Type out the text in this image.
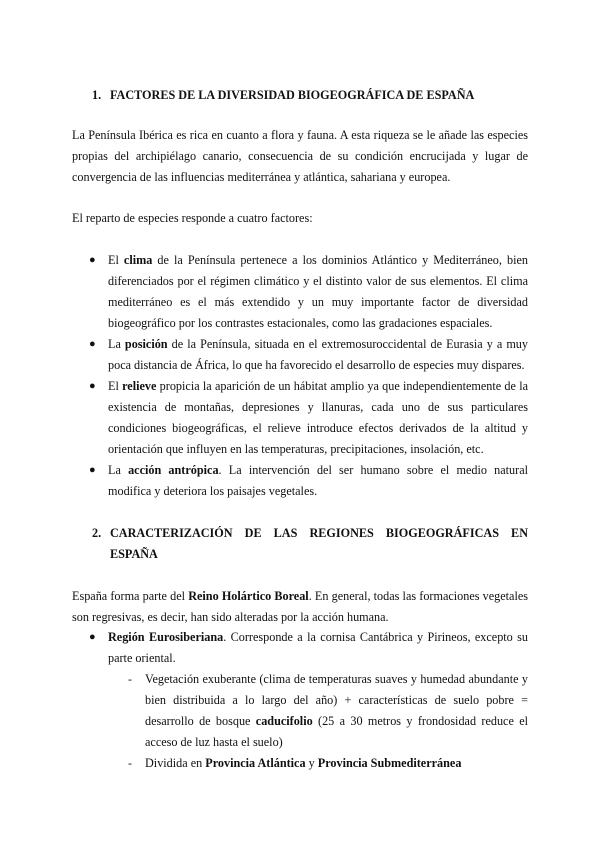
1. FACTORES DE LA DIVERSIDAD BIOGEOGRÁFICA DE ESPAÑA

La Península Ibérica es rica en cuanto a flora y fauna. A esta riqueza se le añade las especies propias del archipiélago canario, consecuencia de su condición encrucijada y lugar de convergencia de las influencias mediterránea y atlántica, sahariana y europea.

El reparto de especies responde a cuatro factores:

● El clima de la Península pertenece a los dominios Atlántico y Mediterráneo, bien diferenciados por el régimen climático y el distinto valor de sus elementos. El clima mediterráneo es el más extendido y un muy importante factor de diversidad biogeográfico por los contrastes estacionales, como las gradaciones espaciales.

● La posición de la Península, situada en el extremosuroccidental de Eurasia y a muy poca distancia de África, lo que ha favorecido el desarrollo de especies muy dispares.

● El relieve propicia la aparición de un hábitat amplio ya que independientemente de la existencia de montañas, depresiones y llanuras, cada uno de sus particulares condiciones biogeográficas, el relieve introduce efectos derivados de la altitud y orientación que influyen en las temperaturas, precipitaciones, insolación, etc.

● La acción antrópica. La intervención del ser humano sobre el medio natural modifica y deteriora los paisajes vegetales.

2. CARACTERIZACIÓN DE LAS REGIONES BIOGEOGRÁFICAS EN ESPAÑA

España forma parte del Reino Holártico Boreal. En general, todas las formaciones vegetales son regresivas, es decir, han sido alteradas por la acción humana.

● Región Eurosiberiana. Corresponde a la cornisa Cantábrica y Pirineos, excepto su parte oriental.

- Vegetación exuberante (clima de temperaturas suaves y humedad abundante y bien distribuida a lo largo del año) + características de suelo pobre = desarrollo de bosque caducifolio (25 a 30 metros y frondosidad reduce el acceso de luz hasta el suelo)

- Dividida en Provincia Atlántica y Provincia Submediterránea
